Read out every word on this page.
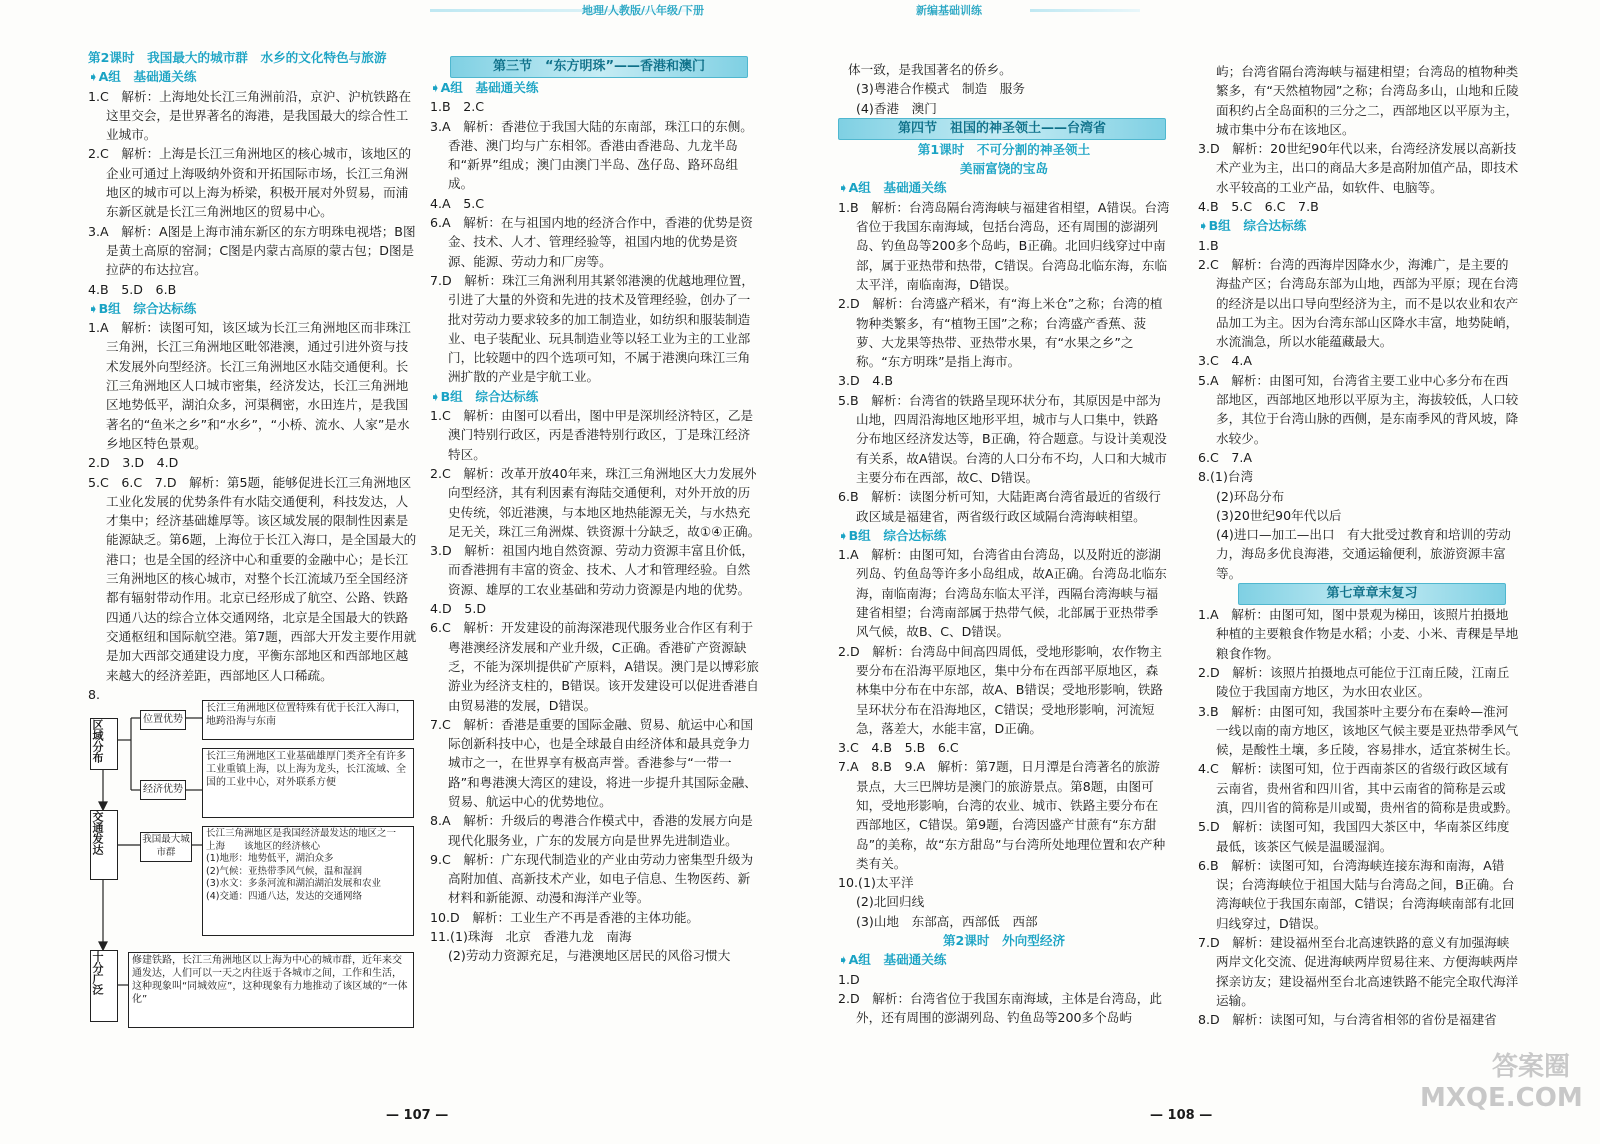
地理/人教版/八年级/下册	新编基础训练

第2课时　我国最大的城市群　水乡的文化特色与旅游

➧A组　基础通关练

1.C　解析：上海地处长江三角洲前沿，京沪、沪杭铁路在这里交会，是世界著名的海港，是我国最大的综合性工业城市。

2.C　解析：上海是长江三角洲地区的核心城市，该地区的企业可通过上海吸纳外资和开拓国际市场，长江三角洲地区的城市可以上海为桥梁，积极开展对外贸易，而浦东新区就是长江三角洲地区的贸易中心。

3.A　解析：A图是上海市浦东新区的东方明珠电视塔；B图是黄土高原的窑洞；C图是内蒙古高原的蒙古包；D图是拉萨的布达拉宫。

4.B　5.D　6.B

➧B组　综合达标练

1.A　解析：读图可知，该区域为长江三角洲地区而非珠江三角洲，长江三角洲地区毗邻港澳，通过引进外资与技术发展外向型经济。长江三角洲地区水陆交通便利。长江三角洲地区人口城市密集，经济发达，长江三角洲地区地势低平，湖泊众多，河渠稠密，水田连片，是我国著名的“鱼米之乡”和“水乡”，“小桥、流水、人家”是水乡地区特色景观。

2.D　3.D　4.D

5.C　6.C　7.D　解析：第5题，能够促进长江三角洲地区工业化发展的优势条件有水陆交通便利，科技发达，人才集中；经济基础雄厚等。该区域发展的限制性因素是能源缺乏。第6题，上海位于长江入海口，是全国最大的港口；也是全国的经济中心和重要的金融中心；是长江三角洲地区的核心城市，对整个长江流域乃至全国经济都有辐射带动作用。北京已经形成了航空、公路、铁路四通八达的综合立体交通网络，北京是全国最大的铁路交通枢纽和国际航空港。第7题，西部大开发主要作用就是加大西部交通建设力度，平衡东部地区和西部地区越来越大的经济差距，西部地区人口稀疏。

8.

区域分布
交通发达
十分广泛
位置优势
经济优势
我国最大城市群
长江三角洲地区位置特殊有优于长江入海口，地跨沿海与东南
长江三角洲地区工业基础雄厚门类齐全有许多工业重镇上海，以上海为龙头，长江流域、全国的工业中心，对外联系方便
长江三角洲地区是我国经济最发达的地区之一
上海　　该地区的经济核心
(1)地形：地势低平，湖泊众多
(2)气候：亚热带季风气候，温和湿润
(3)水文：多条河流和湖泊湖泊发展和农业
(4)交通：四通八达，发达的交通网络
修建铁路，长江三角洲地区以上海为中心的城市群，近年来交通发达，人们可以一天之内往返于各城市之间，工作和生活，这种现象叫“同城效应”，这种现象有力地推动了该区域的“一体化”

第三节　“东方明珠”——香港和澳门

➧A组　基础通关练

1.B　2.C

3.A　解析：香港位于我国大陆的东南部，珠江口的东侧。香港、澳门均与广东相邻。香港由香港岛、九龙半岛和“新界”组成；澳门由澳门半岛、氹仔岛、路环岛组成。

4.A　5.C

6.A　解析：在与祖国内地的经济合作中，香港的优势是资金、技术、人才、管理经验等，祖国内地的优势是资源、能源、劳动力和厂房等。

7.D　解析：珠江三角洲利用其紧邻港澳的优越地理位置，引进了大量的外资和先进的技术及管理经验，创办了一批对劳动力要求较多的加工制造业，如纺织和服装制造业、电子装配业、玩具制造业等以轻工业为主的工业部门，比较题中的四个选项可知，不属于港澳向珠江三角洲扩散的产业是宇航工业。

➧B组　综合达标练

1.C　解析：由图可以看出，图中甲是深圳经济特区，乙是澳门特别行政区，丙是香港特别行政区，丁是珠江经济特区。

2.C　解析：改革开放40年来，珠江三角洲地区大力发展外向型经济，其有利因素有海陆交通便利，对外开放的历史传统，邻近港澳，与本地区地热能源无关，与水热充足无关，珠江三角洲煤、铁资源十分缺乏，故①④正确。

3.D　解析：祖国内地自然资源、劳动力资源丰富且价低，而香港拥有丰富的资金、技术、人才和管理经验。自然资源、雄厚的工农业基础和劳动力资源是内地的优势。

4.D　5.D

6.C　解析：开发建设的前海深港现代服务业合作区有利于粤港澳经济发展和产业升级，C正确。香港矿产资源缺乏，不能为深圳提供矿产原料，A错误。澳门是以博彩旅游业为经济支柱的，B错误。该开发建设可以促进香港自由贸易港的发展，D错误。

7.C　解析：香港是重要的国际金融、贸易、航运中心和国际创新科技中心，也是全球最自由经济体和最具竞争力城市之一，在世界享有极高声誉。香港参与“一带一路”和粤港澳大湾区的建设，将进一步提升其国际金融、贸易、航运中心的优势地位。

8.A　解析：升级后的粤港合作模式中，香港的发展方向是现代化服务业，广东的发展方向是世界先进制造业。

9.C　解析：广东现代制造业的产业由劳动力密集型升级为高附加值、高新技术产业，如电子信息、生物医药、新材料和新能源、动漫和海洋产业等。

10.D　解析：工业生产不再是香港的主体功能。

11.(1)珠海　北京　香港九龙　南海

(2)劳动力资源充足，与港澳地区居民的风俗习惯大

体一致，是我国著名的侨乡。

(3)粤港合作模式　制造　服务

(4)香港　澳门

第四节　祖国的神圣领土——台湾省

第1课时　不可分割的神圣领土

美丽富饶的宝岛

➧A组　基础通关练

1.B　解析：台湾岛隔台湾海峡与福建省相望，A错误。台湾省位于我国东南海域，包括台湾岛，还有周围的澎湖列岛、钓鱼岛等200多个岛屿，B正确。北回归线穿过中南部，属于亚热带和热带，C错误。台湾岛北临东海，东临太平洋，南临南海，D错误。

2.D　解析：台湾盛产稻米，有“海上米仓”之称；台湾的植物种类繁多，有“植物王国”之称；台湾盛产香蕉、菠萝、大龙果等热带、亚热带水果，有“水果之乡”之称。“东方明珠”是指上海市。

3.D　4.B

5.B　解析：台湾省的铁路呈现环状分布，其原因是中部为山地，四周沿海地区地形平坦，城市与人口集中，铁路分布地区经济发达等，B正确，符合题意。与设计美观没有关系，故A错误。台湾的人口分布不均，人口和大城市主要分布在西部，故C、D错误。

6.B　解析：读图分析可知，大陆距离台湾省最近的省级行政区域是福建省，两省级行政区域隔台湾海峡相望。

➧B组　综合达标练

1.A　解析：由图可知，台湾省由台湾岛，以及附近的澎湖列岛、钓鱼岛等许多小岛组成，故A正确。台湾岛北临东海，南临南海；台湾岛东临太平洋，西隔台湾海峡与福建省相望；台湾南部属于热带气候，北部属于亚热带季风气候，故B、C、D错误。

2.D　解析：台湾岛中间高四周低，受地形影响，农作物主要分布在沿海平原地区，集中分布在西部平原地区，森林集中分布在中东部，故A、B错误；受地形影响，铁路呈环状分布在沿海地区，C错误；受地形影响，河流短急，落差大，水能丰富，D正确。

3.C　4.B　5.B　6.C

7.A　8.B　9.A　解析：第7题，日月潭是台湾著名的旅游景点，大三巴牌坊是澳门的旅游景点。第8题，由图可知，受地形影响，台湾的农业、城市、铁路主要分布在西部地区，C错误。第9题，台湾因盛产甘蔗有“东方甜岛”的美称，故“东方甜岛”与台湾所处地理位置和农产种类有关。

10.(1)太平洋

(2)北回归线

(3)山地　东部高，西部低　西部

第2课时　外向型经济

➧A组　基础通关练

1.D

2.D　解析：台湾省位于我国东南海域，主体是台湾岛，此外，还有周围的澎湖列岛、钓鱼岛等200多个岛屿

屿；台湾省隔台湾海峡与福建相望；台湾岛的植物种类繁多，有“天然植物园”之称；台湾岛多山，山地和丘陵面积约占全岛面积的三分之二，西部地区以平原为主，城市集中分布在该地区。

3.D　解析：20世纪90年代以来，台湾经济发展以高新技术产业为主，出口的商品大多是高附加值产品，即技术水平较高的工业产品，如软件、电脑等。

4.B　5.C　6.C　7.B

➧B组　综合达标练

1.B

2.C　解析：台湾的西海岸因降水少，海滩广，是主要的海盐产区；台湾岛东部为山地，西部为平原；现在台湾的经济是以出口导向型经济为主，而不是以农业和农产品加工为主。因为台湾东部山区降水丰富，地势陡峭，水流湍急，所以水能蕴藏最大。

3.C　4.A

5.A　解析：由图可知，台湾省主要工业中心多分布在西部地区，西部地区地形以平原为主，海拔较低，人口较多，其位于台湾山脉的西侧，是东南季风的背风坡，降水较少。

6.C　7.A

8.(1)台湾

(2)环岛分布

(3)20世纪90年代以后

(4)进口—加工—出口　有大批受过教育和培训的劳动力，海岛多优良海港，交通运输便利，旅游资源丰富等。

第七章章末复习

1.A　解析：由图可知，图中景观为梯田，该照片拍摄地种植的主要粮食作物是水稻；小麦、小米、青稞是旱地粮食作物。

2.D　解析：该照片拍摄地点可能位于江南丘陵，江南丘陵位于我国南方地区，为水田农业区。

3.B　解析：由图可知，我国茶叶主要分布在秦岭—淮河一线以南的南方地区，该地区气候主要是亚热带季风气候，是酸性土壤，多丘陵，容易排水，适宜茶树生长。

4.C　解析：读图可知，位于西南茶区的省级行政区域有云南省，贵州省和四川省，其中云南省的简称是云或滇，四川省的简称是川或蜀，贵州省的简称是贵或黔。

5.D　解析：读图可知，我国四大茶区中，华南茶区纬度最低，该茶区气候是温暖湿润。

6.B　解析：读图可知，台湾海峡连接东海和南海，A错误；台湾海峡位于祖国大陆与台湾岛之间，B正确。台湾海峡位于我国东南部，C错误；台湾海峡南部有北回归线穿过，D错误。

7.D　解析：建设福州至台北高速铁路的意义有加强海峡两岸文化交流、促进海峡两岸贸易往来、方便海峡两岸探亲访友；建设福州至台北高速铁路不能完全取代海洋运输。

8.D　解析：读图可知，与台湾省相邻的省份是福建省

— 107 —	— 108 —
答案圈 MXQE.COM
